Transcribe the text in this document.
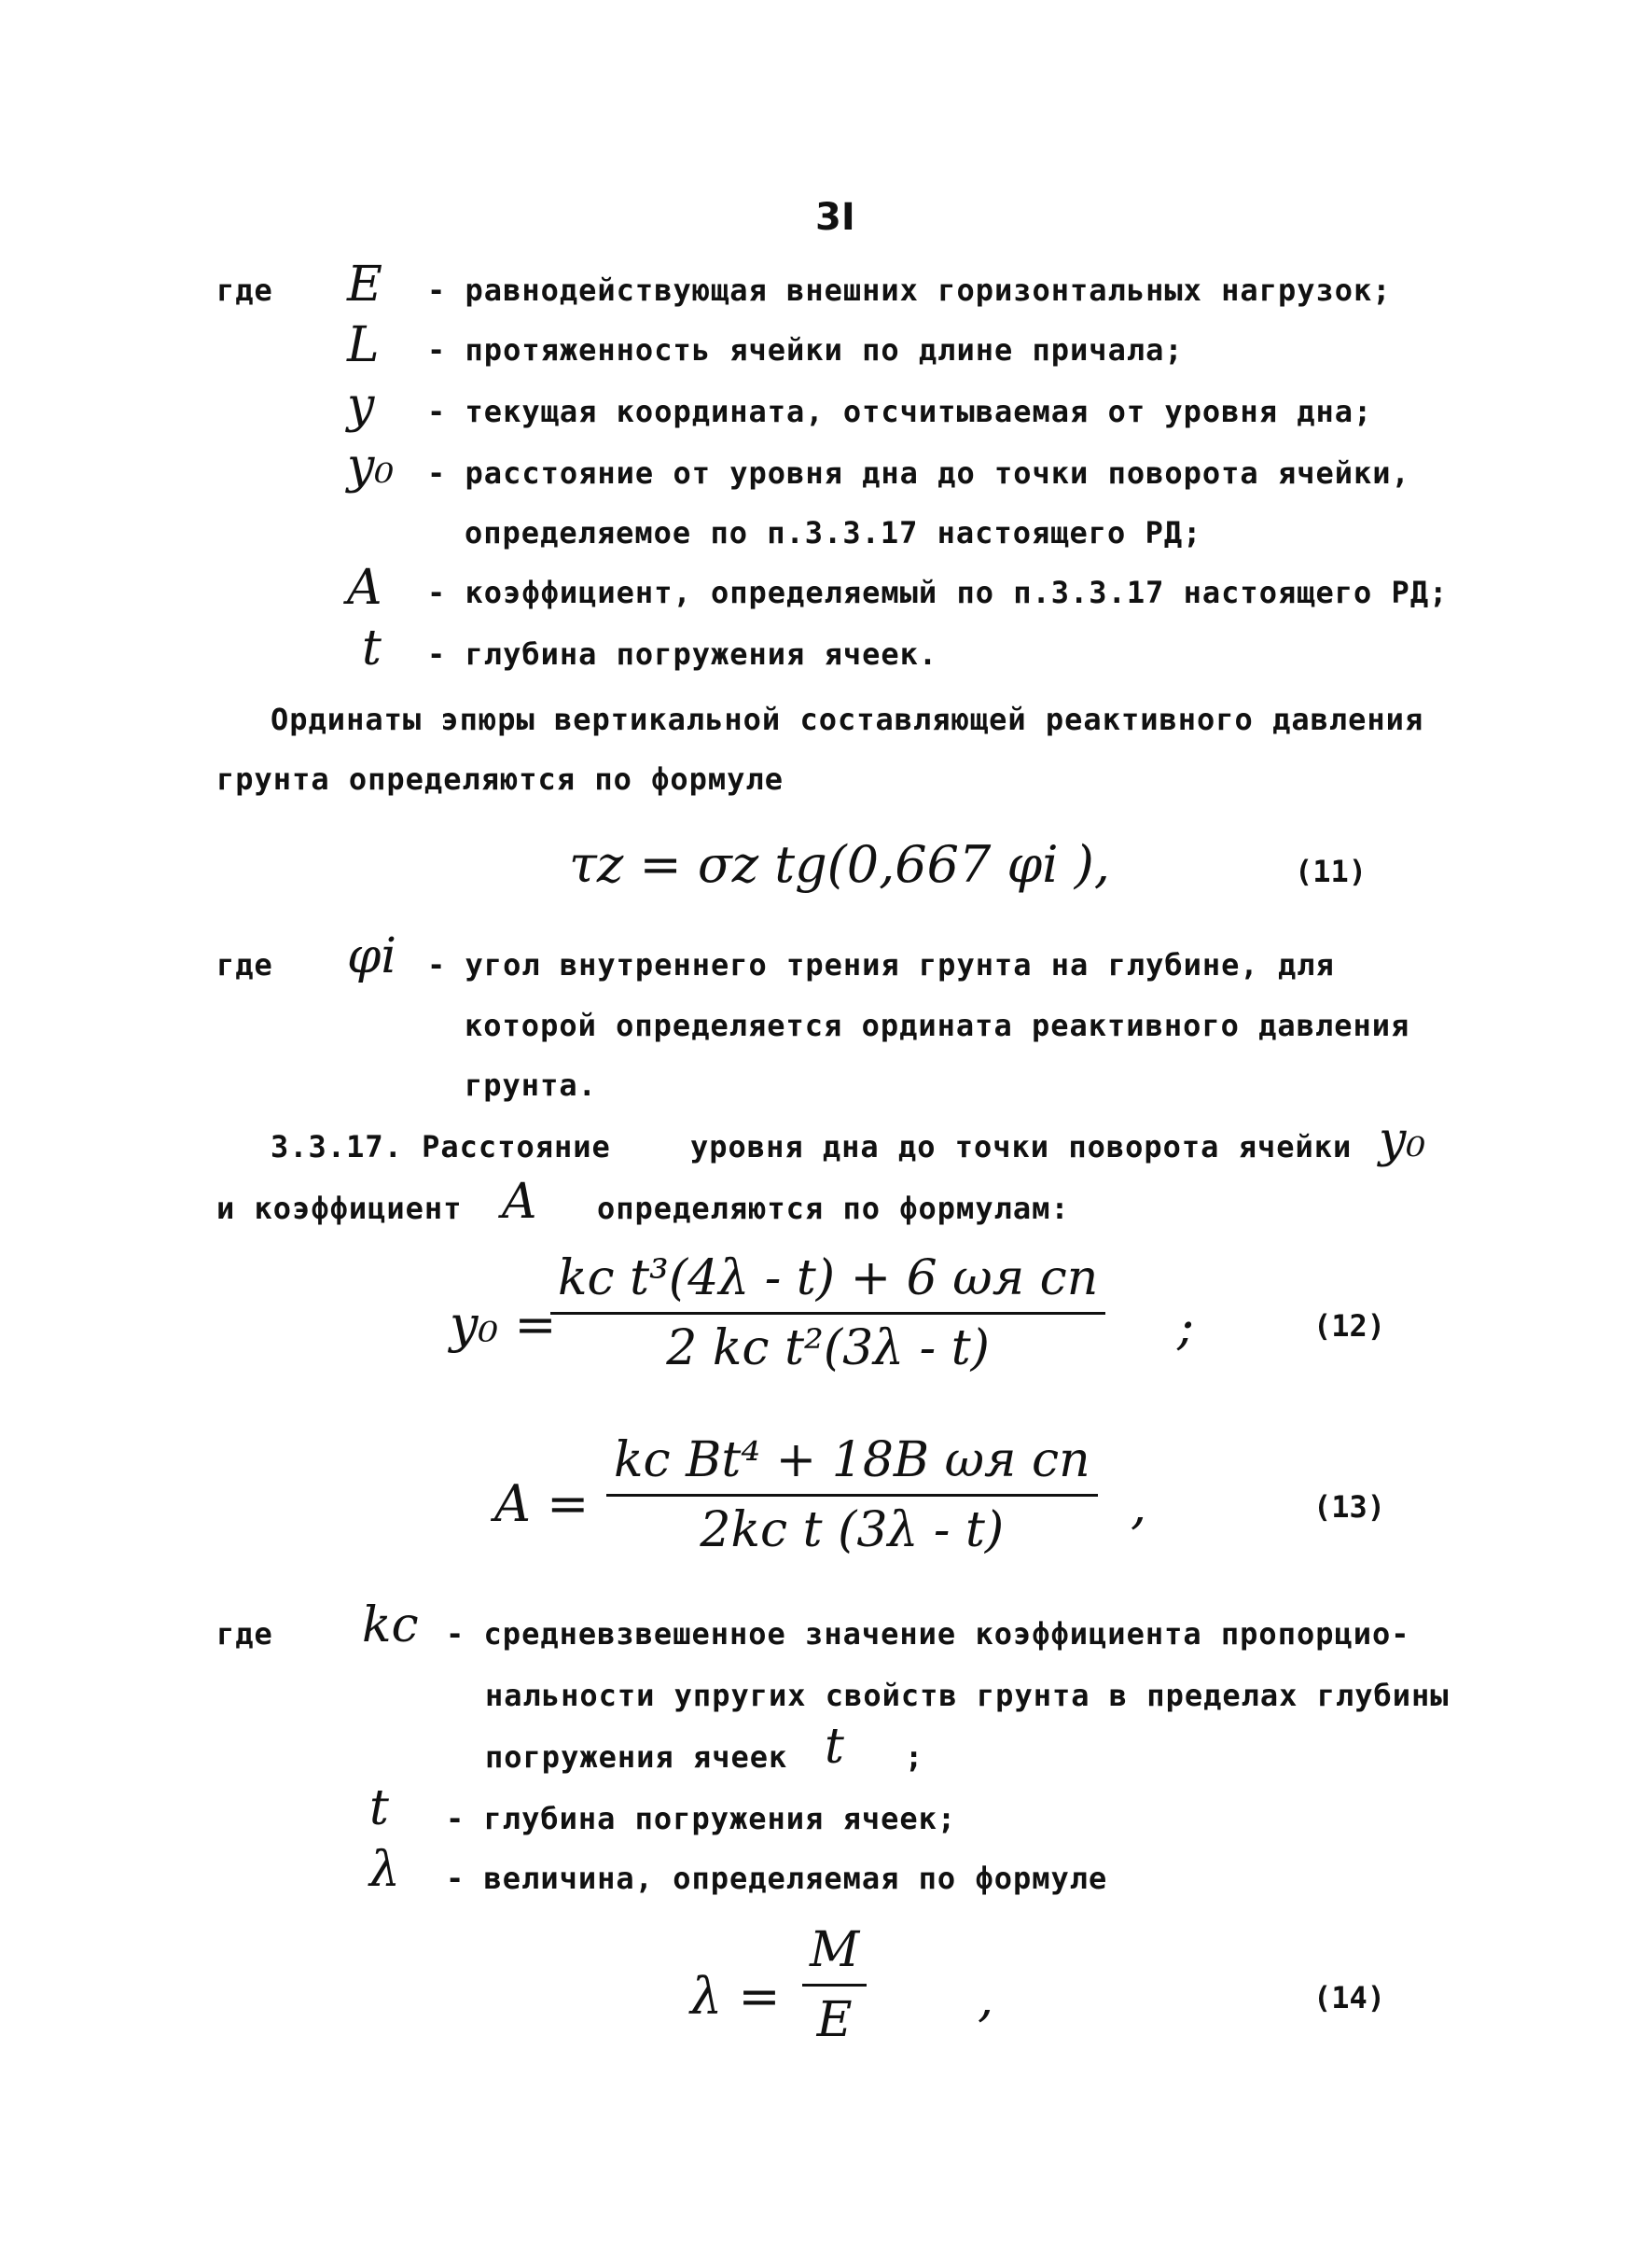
3I
где E - равнодействующая внешних горизонтальных нагрузок;
L - протяженность ячейки по длине причала;
y - текущая координата, отсчитываемая от уровня дна;
y₀ - расстояние от уровня дна до точки поворота ячейки,
определяемое по п.3.3.17 настоящего РД;
A - коэффициент, определяемый по п.3.3.17 настоящего РД;
t - глубина погружения ячеек.
Ординаты эпюры вертикальной составляющей реактивного давления
грунта определяются по формуле
τz = σz tg(0,667 φi ),	(11)
где φi - угол внутреннего трения грунта на глубине, для
которой определяется ордината реактивного давления
грунта.
3.3.17. Расстояние	уровня дна до точки поворота ячейки y₀
и коэффициент A определяются по формулам:
y₀ =
kc t³(4λ - t) + 6 ωя cп
2 kc t²(3λ - t)	;	(12)
A =
kc Bt⁴ + 18B ωя cп
2kc t (3λ - t)	,	(13)
где kc - средневзвешенное значение коэффициента пропорцио-
нальности упругих свойств грунта в пределах глубины
погружения ячеек t ;
t - глубина погружения ячеек;
λ - величина, определяемая по формуле
$\lambda = \frac{M}{E}$ ,	(14)
